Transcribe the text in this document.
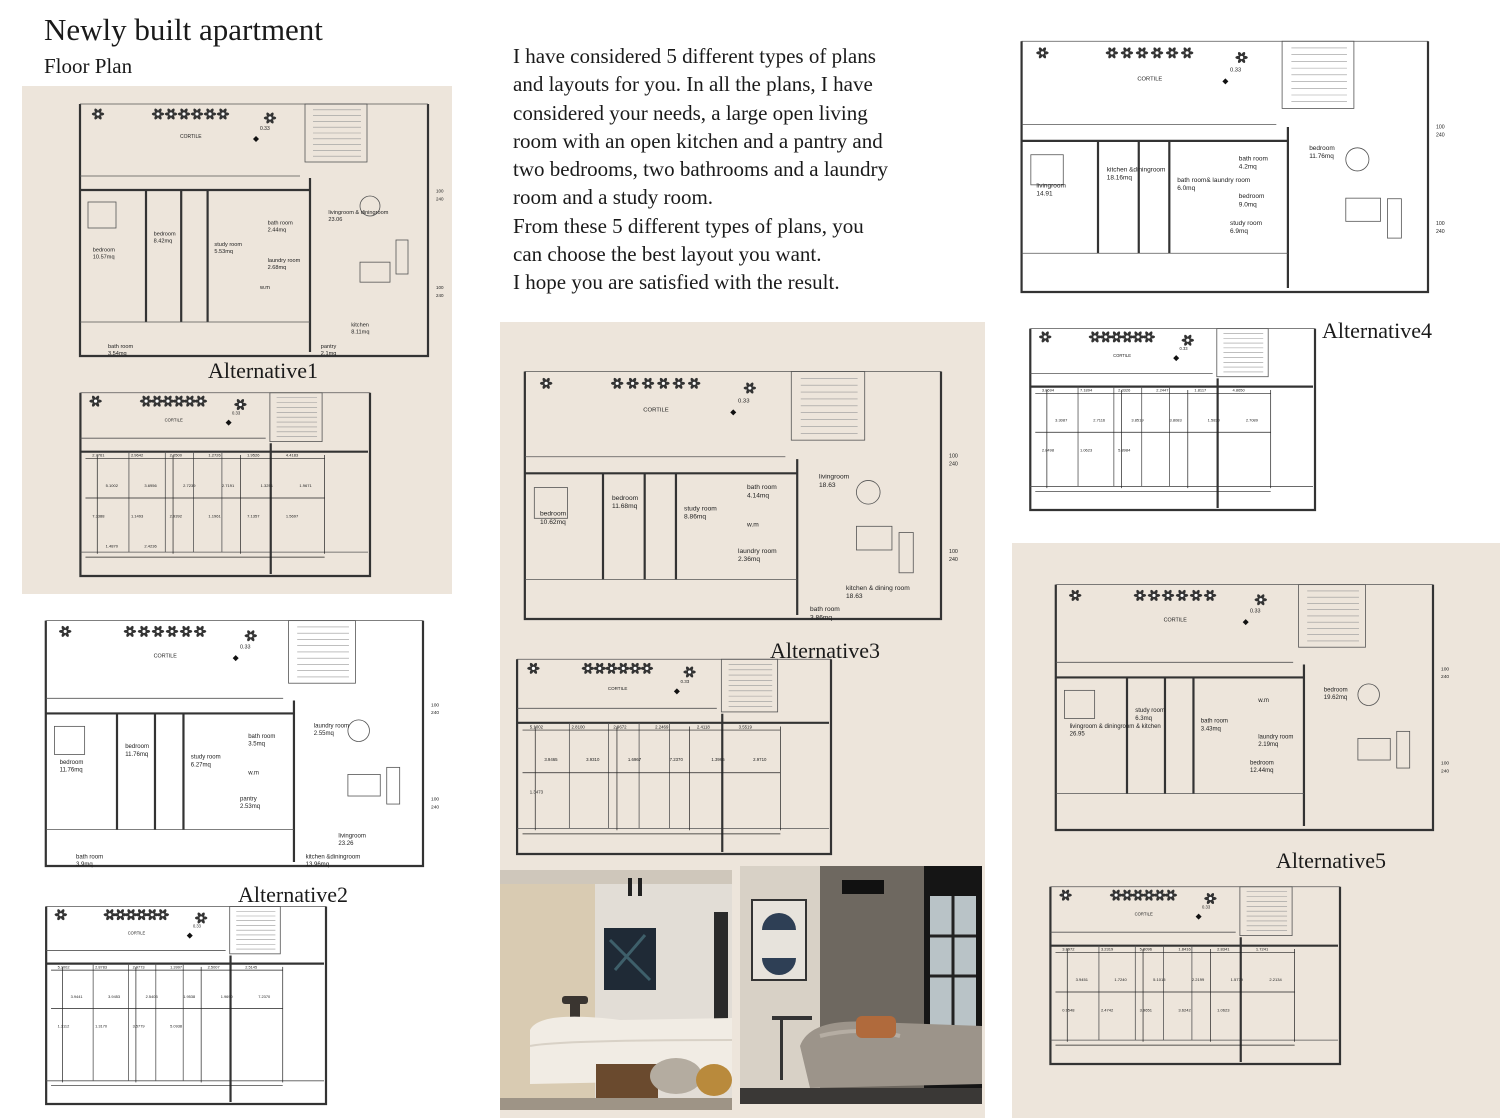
Newly built apartment
Floor Plan	I have considered 5 different types of plans
and layouts for you. In all the plans, I have
considered your needs, a large open living
room with an open kitchen and a pantry and
two bedrooms, two bathrooms and a laundry
room and a study room.
From these 5 different types of plans, you
can choose the best layout you want.
I hope you are satisfied with the result.
CORTILE
0.33
100
240
100
240
bedroom
10.57mq
bedroom
8.42mq
study room
5.53mq
bath room
2.44mq
laundry room
2.68mq
w.m
livingroom & diningroom
23.06
kitchen
8.11mq
pantry
2.1mq
bath room
3.54mq
CORTILE
0.33
2.7761	2.9642	2.0500	1.2726	1.9526	4.4183
5.1002	3.6956	2.7239	2.7191	1.3251	1.9671
7.3388	1.1493	2.9392	1.1961	7.1357	1.5697
1.4870	2.4236
CORTILE
0.33
100
240
100
240
bedroom
11.76mq
bedroom
11.76mq	study room
6.27mq
bath room
3.5mq
w.m
pantry
2.53mq
laundry room
2.55mq
livingroom
23.26
kitchen &diningroom
13.96mq
bath room
3.9mq
CORTILE
0.33
5.1002	2.8783	2.9773	1.3997	2.5007	2.5145
3.9441	3.9453	2.5403	1.9538	1.9690	7.2370
1.3112	1.3170	3.5779	5.0938
CORTILE
0.33
100
240
100
240
bedroom
10.62mq
bedroom
11.68mq	study room
8.86mq
bath room
4.14mq
w.m
laundry room
2.36mq
livingroom
18.63
kitchen & dining room
18.63
bath room
3.86mq
CORTILE
0.33
5.1002	2.8100	2.9672	2.2469	2.4118	3.5519
3.9465	3.9310	1.6967	7.2370	1.3965	2.9710
1.3473
CORTILE
0.33
100
240
100
240
livingroom
14.91
kitchen &diningroom
18.16mq	bath room& laundry room
6.0mq
bath room
4.2mq
bedroom
9.0mq
study room
6.9mq
bedroom
11.76mq
CORTILE
0.33
3.8694	7.1894	2.3326	2.2447	1.8117	4.8650
3.3087	2.7116	3.8519	3.8083	1.5830	2.7089
2.8498	1.0623	5.8984
CORTILE
0.33
100
240
100
240
livingroom & diningroom & kitchen
26.95
study room
6.3mq	bath room
3.43mq
w.m
laundry room
2.19mq
bedroom
12.44mq
bedroom
19.62mq
CORTILE
0.33
3.8972	3.2319	5.8096	1.8416	2.8341	1.7241
3.9451	1.7240	5.1015	2.2199	1.5779	2.2134
0.9548	2.4742	3.9651	3.6242	1.0623
Alternative1
Alternative2
Alternative3
Alternative4
Alternative5
